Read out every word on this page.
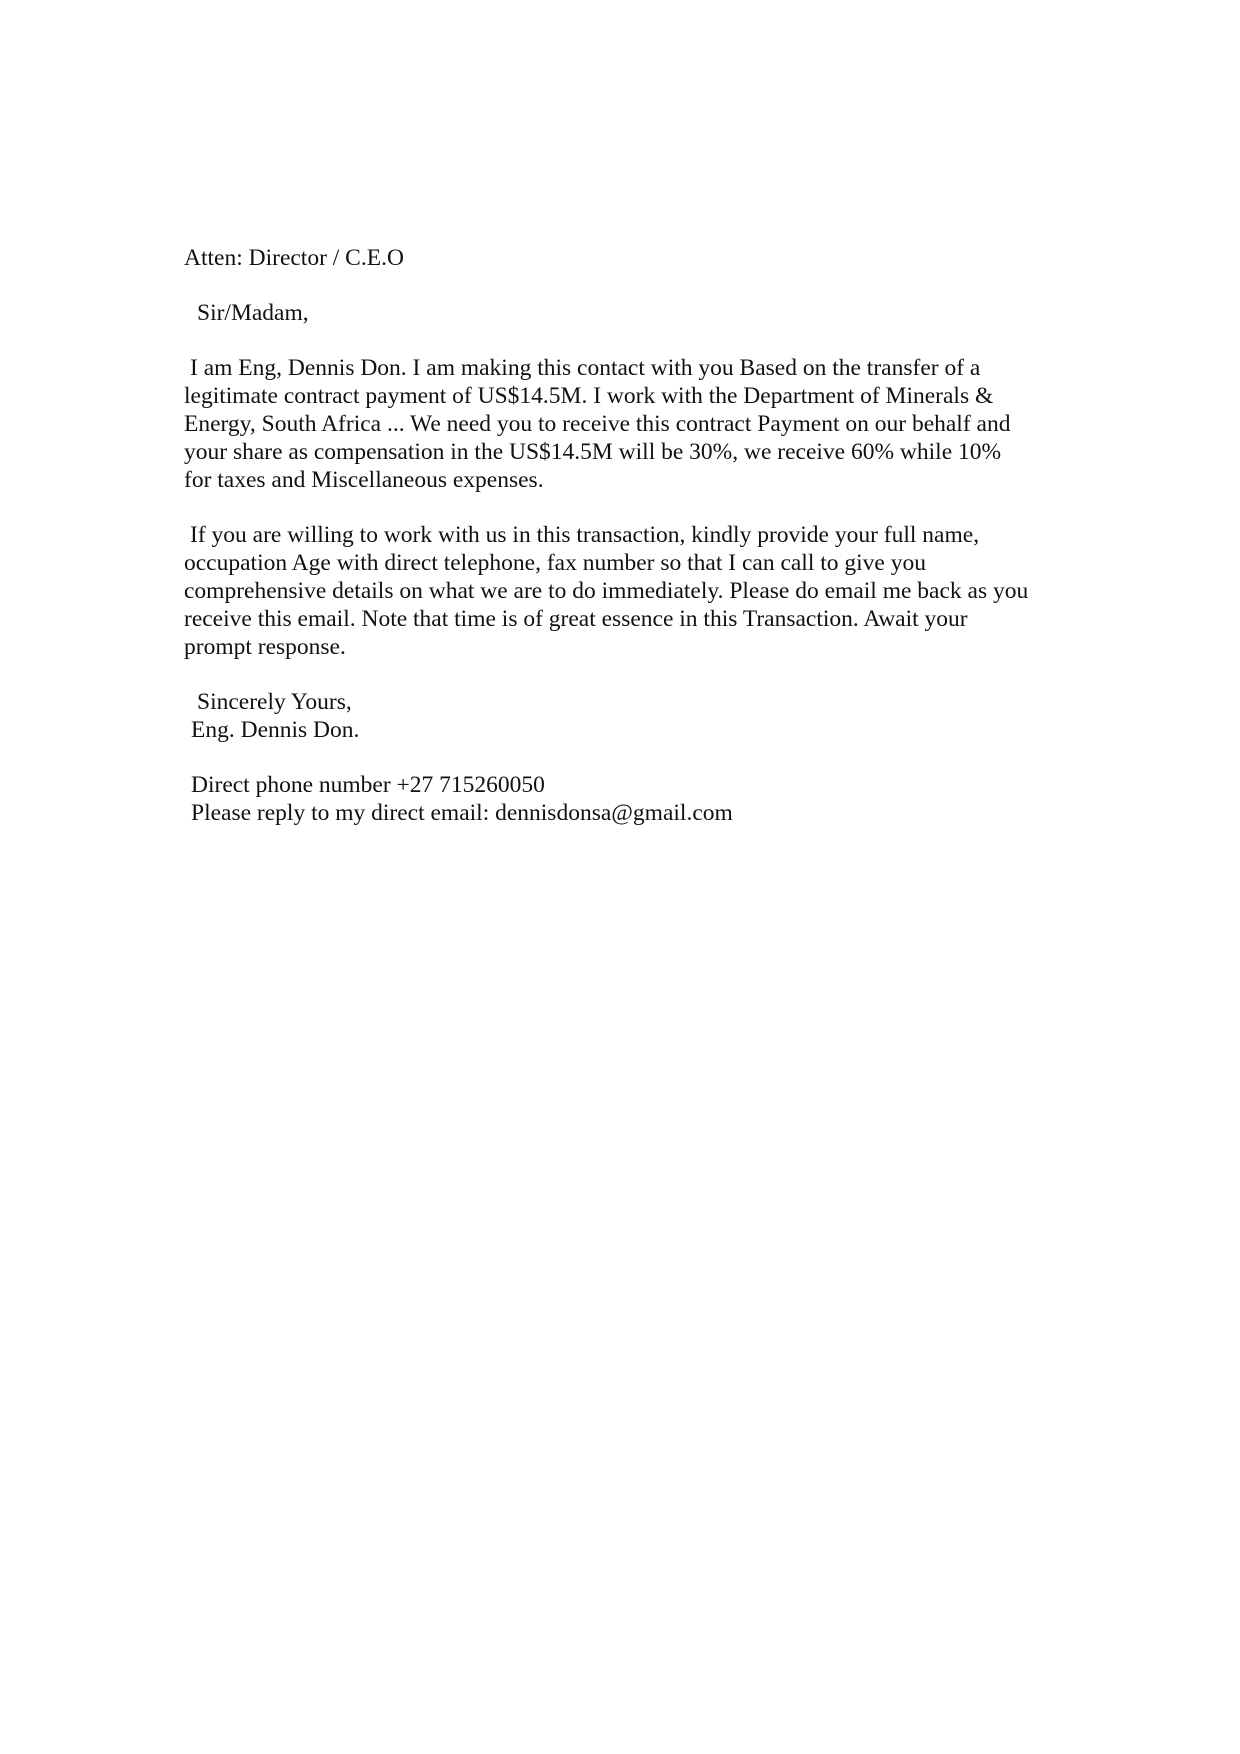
Atten: Director / C.E.O
Sir/Madam,
I am Eng, Dennis Don. I am making this contact with you Based on the transfer of a
legitimate contract payment of US$14.5M. I work with the Department of Minerals &
Energy, South Africa ... We need you to receive this contract Payment on our behalf and
your share as compensation in the US$14.5M will be 30%, we receive 60% while 10%
for taxes and Miscellaneous expenses.
If you are willing to work with us in this transaction, kindly provide your full name,
occupation Age with direct telephone, fax number so that I can call to give you
comprehensive details on what we are to do immediately. Please do email me back as you
receive this email. Note that time is of great essence in this Transaction. Await your
prompt response.
Sincerely Yours,
Eng. Dennis Don.
Direct phone number +27 715260050
Please reply to my direct email: dennisdonsa@gmail.com
